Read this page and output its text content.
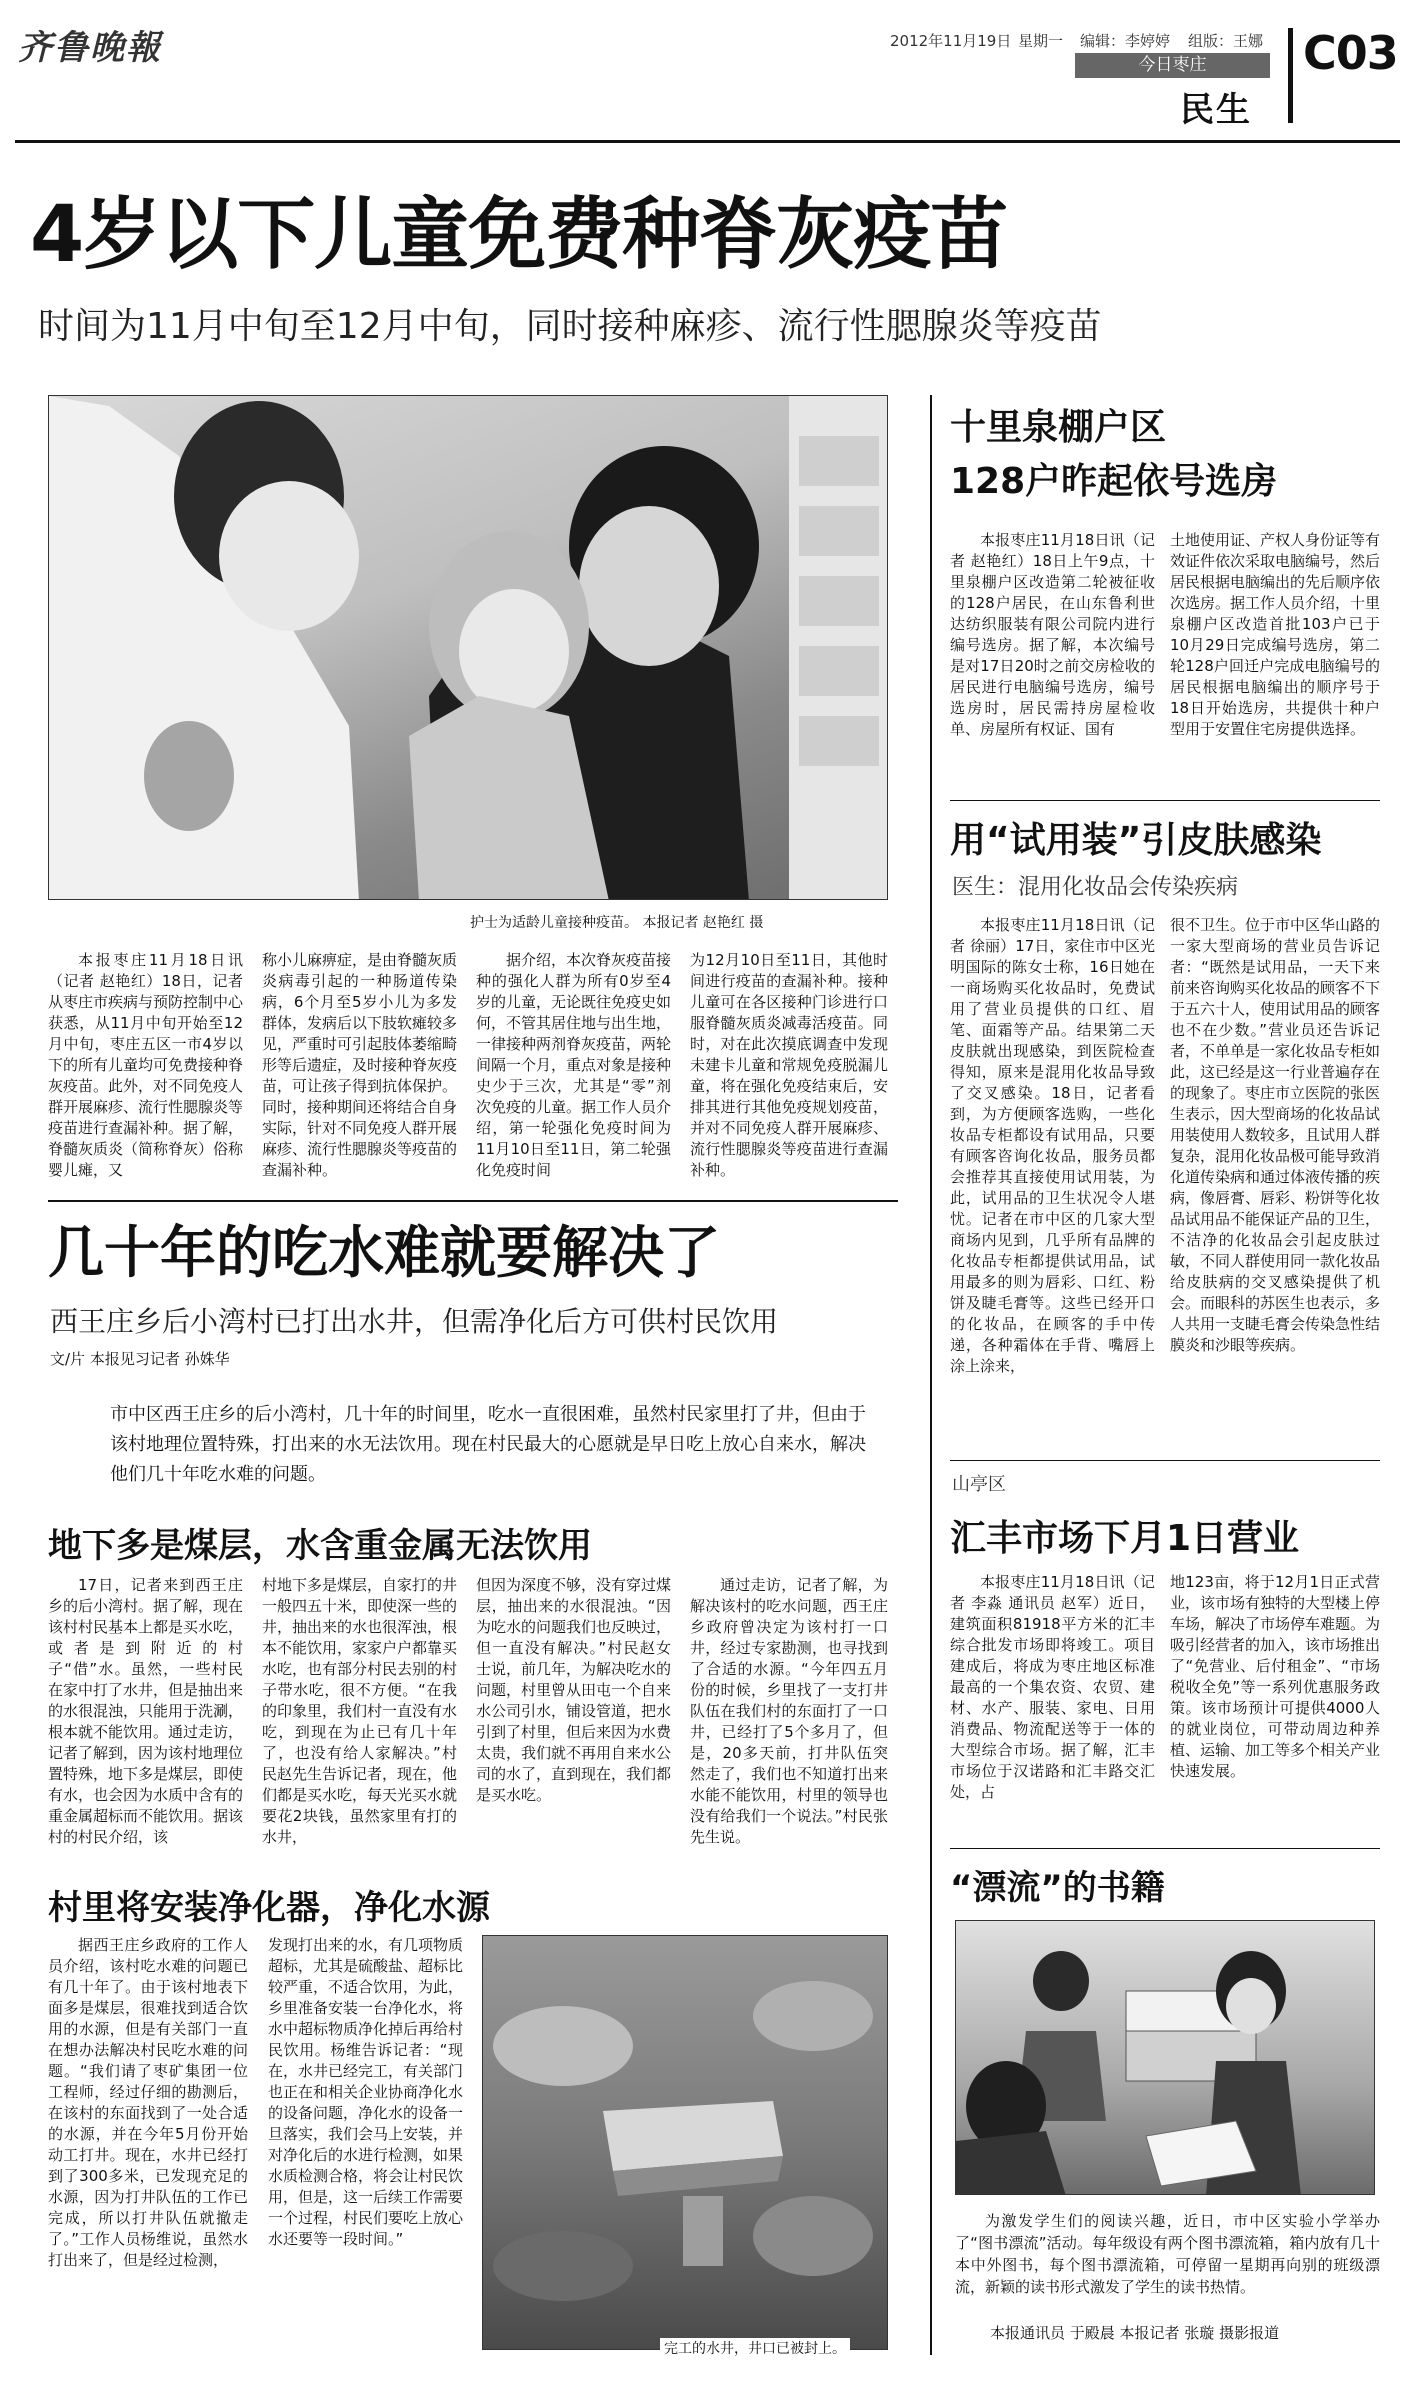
齐鲁晚報	2012年11月19日 星期一 编辑：李婷婷 组版：王娜
今日枣庄
民生
C03
4岁以下儿童免费种脊灰疫苗
时间为11月中旬至12月中旬，同时接种麻疹、流行性腮腺炎等疫苗
护士为适龄儿童接种疫苗。 本报记者 赵艳红 摄

本报枣庄11月18日讯（记者 赵艳红）18日，记者从枣庄市疾病与预防控制中心获悉，从11月中旬开始至12月中旬，枣庄五区一市4岁以下的所有儿童均可免费接种脊灰疫苗。此外，对不同免疫人群开展麻疹、流行性腮腺炎等疫苗进行查漏补种。据了解，脊髓灰质炎（简称脊灰）俗称婴儿瘫，又

称小儿麻痹症，是由脊髓灰质炎病毒引起的一种肠道传染病，6个月至5岁小儿为多发群体，发病后以下肢软瘫较多见，严重时可引起肢体萎缩畸形等后遗症，及时接种脊灰疫苗，可让孩子得到抗体保护。同时，接种期间还将结合自身实际，针对不同免疫人群开展麻疹、流行性腮腺炎等疫苗的查漏补种。

据介绍，本次脊灰疫苗接种的强化人群为所有0岁至4岁的儿童，无论既往免疫史如何，不管其居住地与出生地，一律接种两剂脊灰疫苗，两轮间隔一个月，重点对象是接种史少于三次，尤其是“零”剂次免疫的儿童。据工作人员介绍，第一轮强化免疫时间为11月10日至11日，第二轮强化免疫时间

为12月10日至11日，其他时间进行疫苗的查漏补种。接种儿童可在各区接种门诊进行口服脊髓灰质炎减毒活疫苗。同时，对在此次摸底调查中发现未建卡儿童和常规免疫脱漏儿童，将在强化免疫结束后，安排其进行其他免疫规划疫苗，并对不同免疫人群开展麻疹、流行性腮腺炎等疫苗进行查漏补种。

几十年的吃水难就要解决了
西王庄乡后小湾村已打出水井，但需净化后方可供村民饮用
文/片 本报见习记者 孙姝华
市中区西王庄乡的后小湾村，几十年的时间里，吃水一直很困难，虽然村民家里打了井，但由于该村地理位置特殊，打出来的水无法饮用。现在村民最大的心愿就是早日吃上放心自来水，解决他们几十年吃水难的问题。
地下多是煤层，水含重金属无法饮用

17日，记者来到西王庄乡的后小湾村。据了解，现在该村村民基本上都是买水吃，或者是到附近的村子“借”水。虽然，一些村民在家中打了水井，但是抽出来的水很混浊，只能用于洗涮，根本就不能饮用。通过走访，记者了解到，因为该村地理位置特殊，地下多是煤层，即使有水，也会因为水质中含有的重金属超标而不能饮用。据该村的村民介绍，该

村地下多是煤层，自家打的井一般四五十米，即使深一些的井，抽出来的水也很浑浊，根本不能饮用，家家户户都靠买水吃，也有部分村民去别的村子带水吃，很不方便。“在我的印象里，我们村一直没有水吃，到现在为止已有几十年了，也没有给人家解决。”村民赵先生告诉记者，现在，他们都是买水吃，每天光买水就要花2块钱，虽然家里有打的水井，

但因为深度不够，没有穿过煤层，抽出来的水很混浊。“因为吃水的问题我们也反映过，但一直没有解决。”村民赵女士说，前几年，为解决吃水的问题，村里曾从田屯一个自来水公司引水，铺设管道，把水引到了村里，但后来因为水费太贵，我们就不再用自来水公司的水了，直到现在，我们都是买水吃。

通过走访，记者了解，为解决该村的吃水问题，西王庄乡政府曾决定为该村打一口井，经过专家勘测，也寻找到了合适的水源。“今年四五月份的时候，乡里找了一支打井队伍在我们村的东面打了一口井，已经打了5个多月了，但是，20多天前，打井队伍突然走了，我们也不知道打出来水能不能饮用，村里的领导也没有给我们一个说法。”村民张先生说。

村里将安装净化器，净化水源

据西王庄乡政府的工作人员介绍，该村吃水难的问题已有几十年了。由于该村地表下面多是煤层，很难找到适合饮用的水源，但是有关部门一直在想办法解决村民吃水难的问题。“我们请了枣矿集团一位工程师，经过仔细的勘测后，在该村的东面找到了一处合适的水源，并在今年5月份开始动工打井。现在，水井已经打到了300多米，已发现充足的水源，因为打井队伍的工作已完成，所以打井队伍就撤走了。”工作人员杨维说，虽然水打出来了，但是经过检测，

发现打出来的水，有几项物质超标，尤其是硫酸盐、超标比较严重，不适合饮用，为此，乡里准备安装一台净化水，将水中超标物质净化掉后再给村民饮用。杨维告诉记者：“现在，水井已经完工，有关部门也正在和相关企业协商净化水的设备问题，净化水的设备一旦落实，我们会马上安装，并对净化后的水进行检测，如果水质检测合格，将会让村民饮用，但是，这一后续工作需要一个过程，村民们要吃上放心水还要等一段时间。”

完工的水井，井口已被封上。
十里泉棚户区
128户昨起依号选房

本报枣庄11月18日讯（记者 赵艳红）18日上午9点，十里泉棚户区改造第二轮被征收的128户居民，在山东鲁利世达纺织服装有限公司院内进行编号选房。据了解，本次编号是对17日20时之前交房检收的居民进行电脑编号选房，编号选房时，居民需持房屋检收单、房屋所有权证、国有

土地使用证、产权人身份证等有效证件依次采取电脑编号，然后居民根据电脑编出的先后顺序依次选房。据工作人员介绍，十里泉棚户区改造首批103户已于10月29日完成编号选房，第二轮128户回迁户完成电脑编号的居民根据电脑编出的顺序号于18日开始选房，共提供十种户型用于安置住宅房提供选择。

用“试用装”引皮肤感染
医生：混用化妆品会传染疾病

本报枣庄11月18日讯（记者 徐丽）17日，家住市中区光明国际的陈女士称，16日她在一商场购买化妆品时，免费试用了营业员提供的口红、眉笔、面霜等产品。结果第二天皮肤就出现感染，到医院检查得知，原来是混用化妆品导致了交叉感染。18日，记者看到，为方便顾客选购，一些化妆品专柜都设有试用品，只要有顾客咨询化妆品，服务员都会推荐其直接使用试用装，为此，试用品的卫生状况令人堪忧。记者在市中区的几家大型商场内见到，几乎所有品牌的化妆品专柜都提供试用品，试用最多的则为唇彩、口红、粉饼及睫毛膏等。这些已经开口的化妆品，在顾客的手中传递，各种霜体在手背、嘴唇上涂上涂来，

很不卫生。位于市中区华山路的一家大型商场的营业员告诉记者：“既然是试用品，一天下来前来咨询购买化妆品的顾客不下于五六十人，使用试用品的顾客也不在少数。”营业员还告诉记者，不单单是一家化妆品专柜如此，这已经是这一行业普遍存在的现象了。枣庄市立医院的张医生表示，因大型商场的化妆品试用装使用人数较多，且试用人群复杂，混用化妆品极可能导致消化道传染病和通过体液传播的疾病，像唇膏、唇彩、粉饼等化妆品试用品不能保证产品的卫生，不洁净的化妆品会引起皮肤过敏，不同人群使用同一款化妆品给皮肤病的交叉感染提供了机会。而眼科的苏医生也表示，多人共用一支睫毛膏会传染急性结膜炎和沙眼等疾病。

山亭区
汇丰市场下月1日营业

本报枣庄11月18日讯（记者 李淼 通讯员 赵军）近日，建筑面积81918平方米的汇丰综合批发市场即将竣工。项目建成后，将成为枣庄地区标准最高的一个集农资、农贸、建材、水产、服装、家电、日用消费品、物流配送等于一体的大型综合市场。据了解，汇丰市场位于汉诺路和汇丰路交汇处，占

地123亩，将于12月1日正式营业，该市场有独特的大型楼上停车场，解决了市场停车难题。为吸引经营者的加入，该市场推出了“免营业、后付租金”、“市场税收全免”等一系列优惠服务政策。该市场预计可提供4000人的就业岗位，可带动周边种养植、运输、加工等多个相关产业快速发展。

“漂流”的书籍
为激发学生们的阅读兴趣，近日，市中区实验小学举办了“图书漂流”活动。每年级设有两个图书漂流箱，箱内放有几十本中外图书，每个图书漂流箱，可停留一星期再向别的班级漂流，新颖的读书形式激发了学生的读书热情。
本报通讯员 于殿晨 本报记者 张璇 摄影报道
